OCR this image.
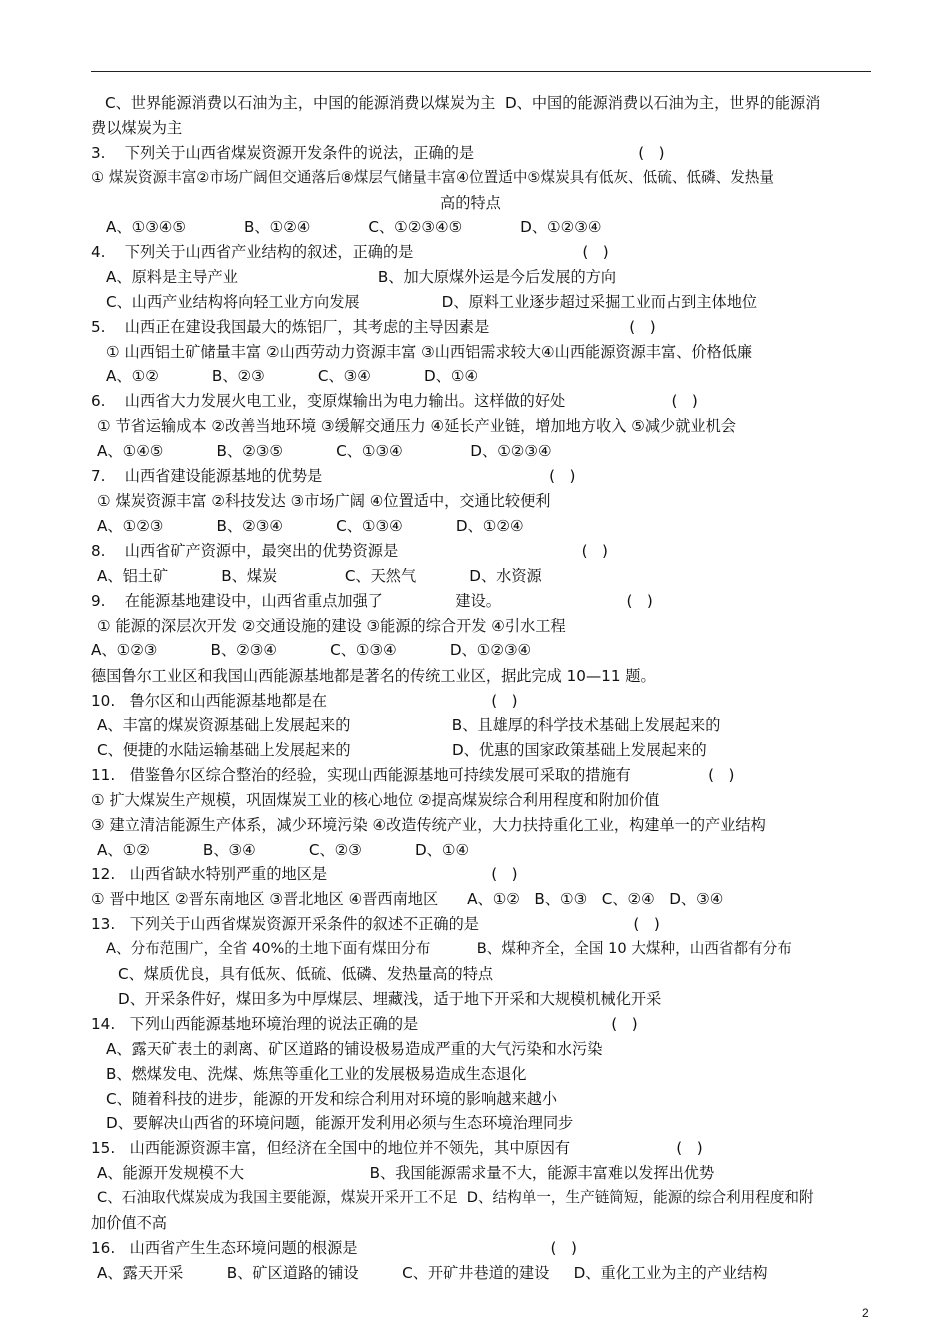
C、世界能源消费以石油为主，中国的能源消费以煤炭为主  D、中国的能源消费以石油为主，世界的能源消
费以煤炭为主
3.    下列关于山西省煤炭资源开发条件的说法，正确的是                                  (   )
① 煤炭资源丰富②市场广阔但交通落后⑧煤层气储量丰富④位置适中⑤煤炭具有低灰、低硫、低磷、发热量
高的特点
A、①③④⑤            B、①②④            C、①②③④⑤            D、①②③④
4.    下列关于山西省产业结构的叙述，正确的是                                   (   )
A、原料是主导产业                             B、加大原煤外运是今后发展的方向
C、山西产业结构将向轻工业方向发展                 D、原料工业逐步超过采掘工业而占到主体地位
5.    山西正在建设我国最大的炼铝厂，其考虑的主导因素是                             (   )
① 山西铝土矿储量丰富 ②山西劳动力资源丰富 ③山西铝需求较大④山西能源资源丰富、价格低廉
A、①②           B、②③           C、③④           D、①④
6.    山西省大力发展火电工业，变原煤输出为电力输出。这样做的好处                      (   )
① 节省运输成本 ②改善当地环境 ③缓解交通压力 ④延长产业链，增加地方收入 ⑤减少就业机会
A、①④⑤           B、②③⑤           C、①③④              D、①②③④
7.    山西省建设能源基地的优势是                                               (   )
① 煤炭资源丰富 ②科技发达 ③市场广阔 ④位置适中，交通比较便利
A、①②③           B、②③④           C、①③④           D、①②④
8.    山西省矿产资源中，最突出的优势资源是                                      (   )
A、铝土矿           B、煤炭              C、天然气           D、水资源
9.    在能源基地建设中，山西省重点加强了               建设。                          (   )
① 能源的深层次开发 ②交通设施的建设 ③能源的综合开发 ④引水工程
A、①②③           B、②③④           C、①③④           D、①②③④
德国鲁尔工业区和我国山西能源基地都是著名的传统工业区，据此完成 10—11 题。
10.   鲁尔区和山西能源基地都是在                                  (   )
A、丰富的煤炭资源基础上发展起来的                     B、且雄厚的科学技术基础上发展起来的
C、便捷的水陆运输基础上发展起来的                     D、优惠的国家政策基础上发展起来的
11.   借鉴鲁尔区综合整治的经验，实现山西能源基地可持续发展可采取的措施有                (   )
① 扩大煤炭生产规模，巩固煤炭工业的核心地位 ②提高煤炭综合利用程度和附加价值
③ 建立清洁能源生产体系，减少环境污染 ④改造传统产业，大力扶持重化工业，构建单一的产业结构
A、①②           B、③④           C、②③           D、①④
12.   山西省缺水特别严重的地区是                                  (   )
① 晋中地区 ②晋东南地区 ③晋北地区 ④晋西南地区      A、①②   B、①③   C、②④   D、③④
13.   下列关于山西省煤炭资源开采条件的叙述不正确的是                                (   )
A、分布范围广，全省 40%的土地下面有煤田分布          B、煤种齐全，全国 10 大煤种，山西省都有分布
C、煤质优良，具有低灰、低硫、低磷、发热量高的特点
D、开采条件好，煤田多为中厚煤层、埋藏浅，适于地下开采和大规模机械化开采
14.   下列山西能源基地环境治理的说法正确的是                                        (   )
A、露天矿表土的剥离、矿区道路的铺设极易造成严重的大气污染和水污染
B、燃煤发电、洗煤、炼焦等重化工业的发展极易造成生态退化
C、随着科技的进步，能源的开发和综合利用对环境的影响越来越小
D、要解决山西省的环境问题，能源开发利用必须与生态环境治理同步
15.   山西能源资源丰富，但经济在全国中的地位并不领先，其中原因有                      (   )
A、能源开发规模不大                          B、我国能源需求量不大，能源丰富难以发挥出优势
C、石油取代煤炭成为我国主要能源，煤炭开采开工不足  D、结构单一，生产链简短，能源的综合利用程度和附
加价值不高
16.   山西省产生生态环境问题的根源是                                        (   )
A、露天开采         B、矿区道路的铺设         C、开矿井巷道的建设     D、重化工业为主的产业结构
2
